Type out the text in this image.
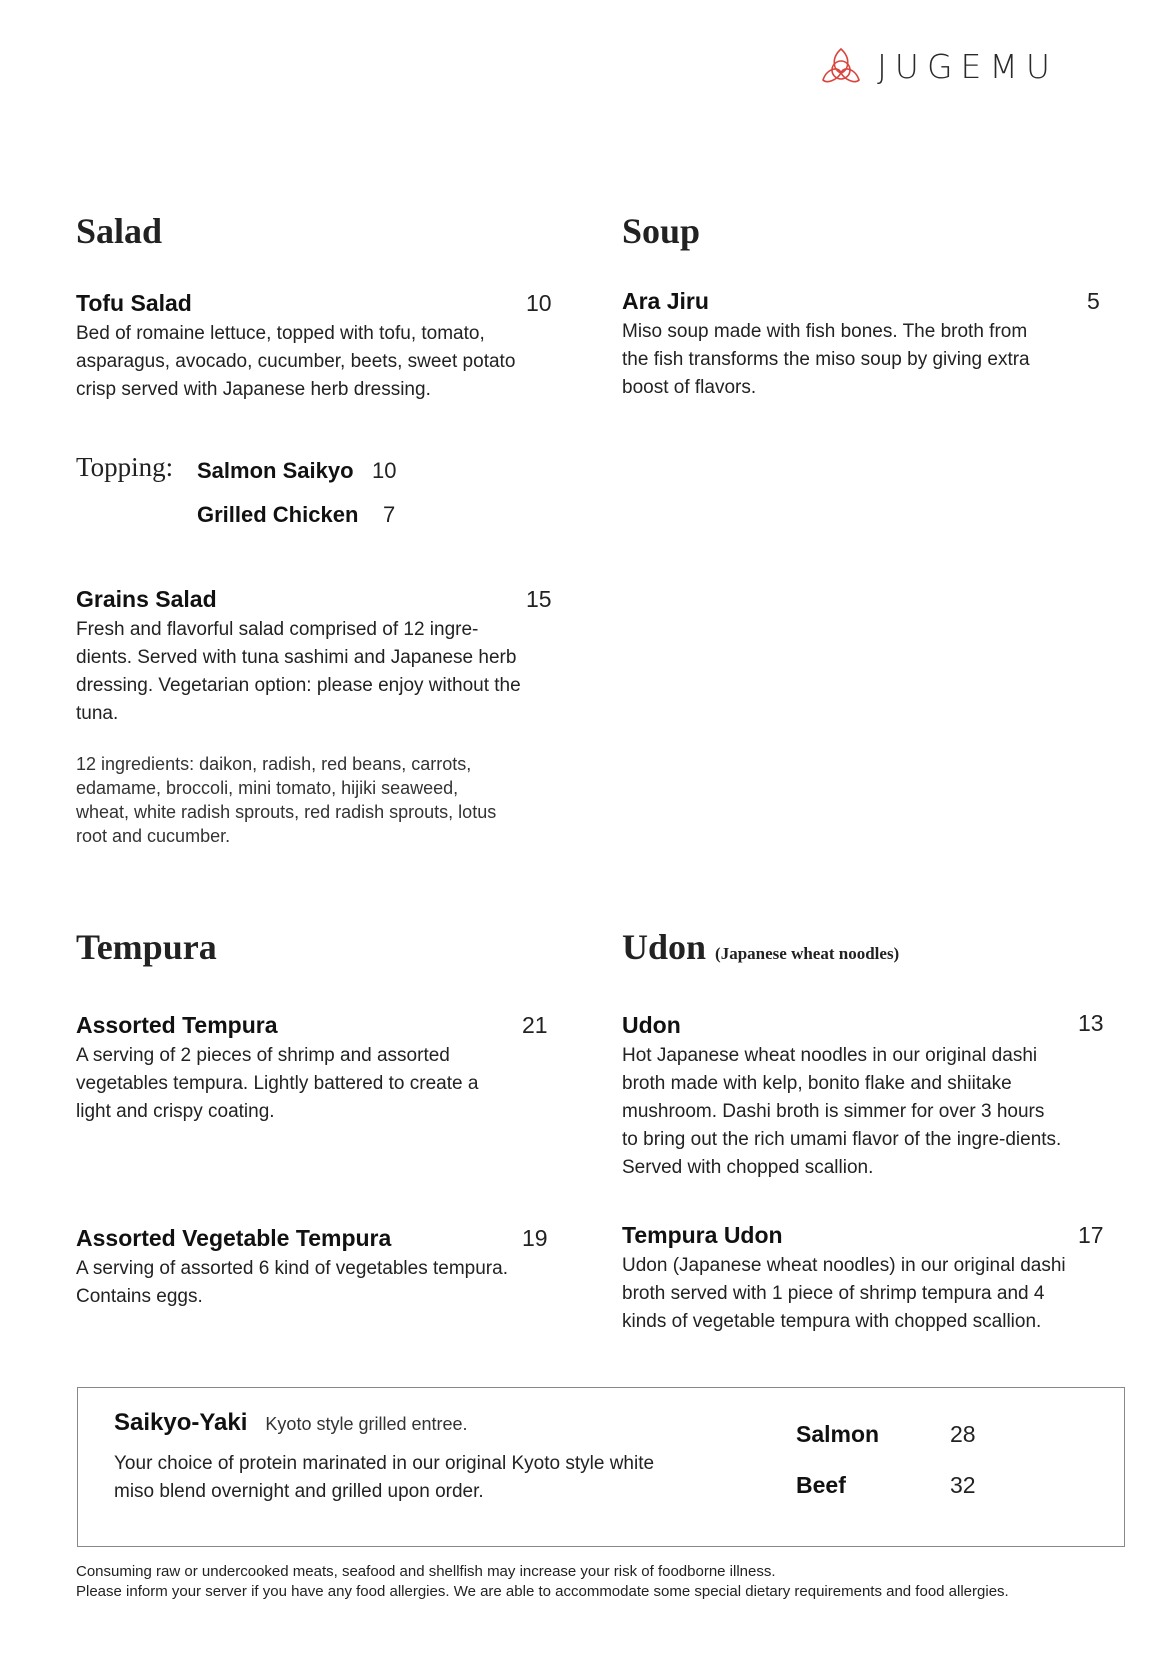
JUGEMU
Salad
Tofu Salad	10
Bed of romaine lettuce, topped with tofu, tomato, asparagus, avocado, cucumber, beets, sweet potato crisp served with Japanese herb dressing.
Topping: Salmon Saikyo 10
Grilled Chicken 7
Grains Salad	15
Fresh and flavorful salad comprised of 12 ingre-dients. Served with tuna sashimi and Japanese herb dressing. Vegetarian option: please enjoy without the tuna.
12 ingredients: daikon, radish, red beans, carrots, edamame, broccoli, mini tomato, hijiki seaweed, wheat, white radish sprouts, red radish sprouts, lotus root and cucumber.
Soup
Ara Jiru	5
Miso soup made with fish bones. The broth from the fish transforms the miso soup by giving extra boost of flavors.
Tempura
Assorted Tempura	21
A serving of 2 pieces of shrimp and assorted vegetables tempura. Lightly battered to create a light and crispy coating.
Assorted Vegetable Tempura	19
A serving of assorted 6 kind of vegetables tempura. Contains eggs.
Udon (Japanese wheat noodles)
Udon	13
Hot Japanese wheat noodles in our original dashi broth made with kelp, bonito flake and shiitake mushroom. Dashi broth is simmer for over 3 hours to bring out the rich umami flavor of the ingre-dients. Served with chopped scallion.
Tempura Udon	17
Udon (Japanese wheat noodles) in our original dashi broth served with 1 piece of shrimp tempura and 4 kinds of vegetable tempura with chopped scallion.
Saikyo-Yaki Kyoto style grilled entree.
Your choice of protein marinated in our original Kyoto style white miso blend overnight and grilled upon order.
Salmon	28
Beef	32
Consuming raw or undercooked meats, seafood and shellfish may increase your risk of foodborne illness.
Please inform your server if you have any food allergies. We are able to accommodate some special dietary requirements and food allergies.
